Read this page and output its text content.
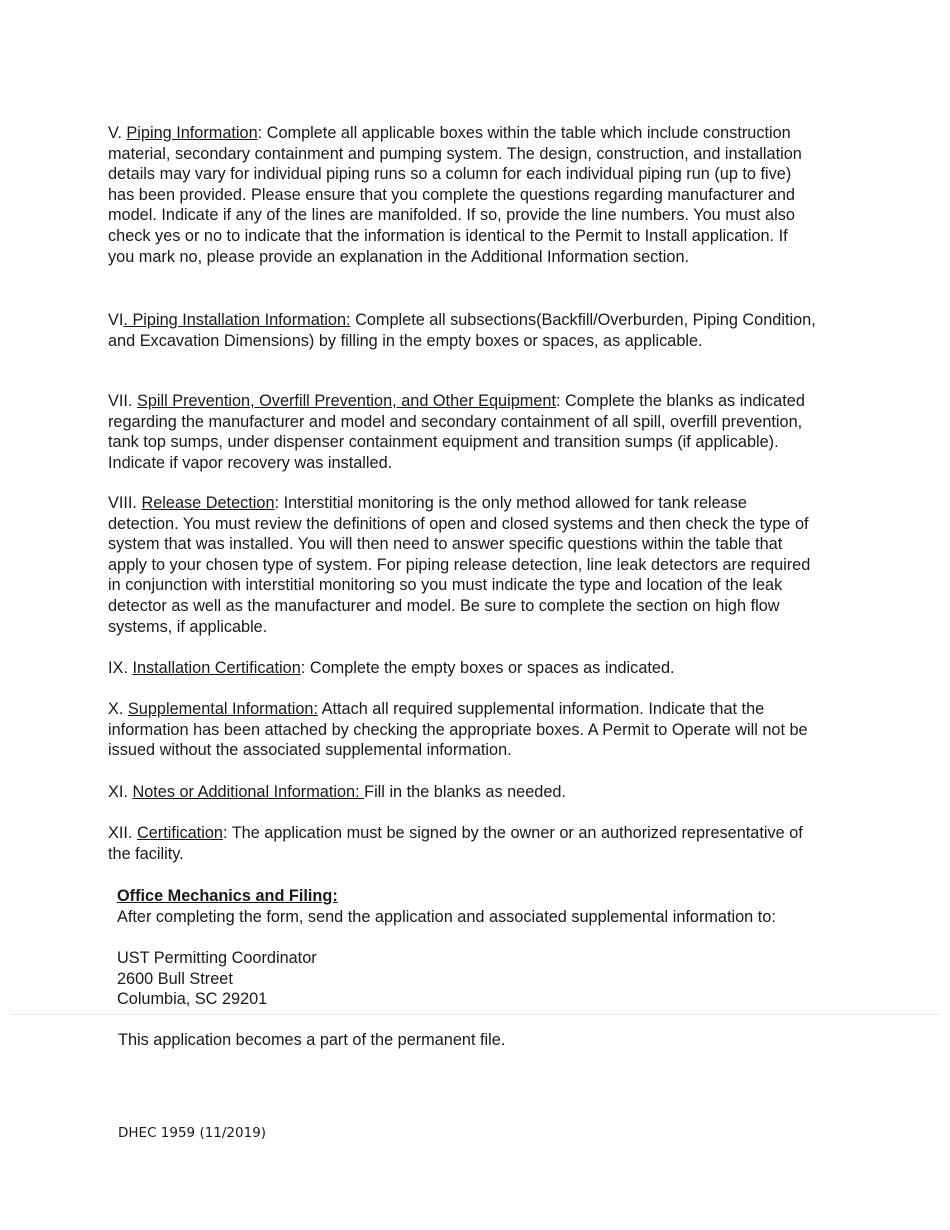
V. Piping Information: Complete all applicable boxes within the table which include construction material, secondary containment and pumping system. The design, construction, and installation details may vary for individual piping runs so a column for each individual piping run (up to five) has been provided. Please ensure that you complete the questions regarding manufacturer and model. Indicate if any of the lines are manifolded. If so, provide the line numbers. You must also check yes or no to indicate that the information is identical to the Permit to Install application. If you mark no, please provide an explanation in the Additional Information section.

VI. Piping Installation Information: Complete all subsections(Backfill/Overburden, Piping Condition, and Excavation Dimensions) by filling in the empty boxes or spaces, as applicable.

VII. Spill Prevention, Overfill Prevention, and Other Equipment: Complete the blanks as indicated regarding the manufacturer and model and secondary containment of all spill, overfill prevention, tank top sumps, under dispenser containment equipment and transition sumps (if applicable). Indicate if vapor recovery was installed.

VIII. Release Detection: Interstitial monitoring is the only method allowed for tank release detection. You must review the definitions of open and closed systems and then check the type of system that was installed. You will then need to answer specific questions within the table that apply to your chosen type of system. For piping release detection, line leak detectors are required in conjunction with interstitial monitoring so you must indicate the type and location of the leak detector as well as the manufacturer and model. Be sure to complete the section on high flow systems, if applicable.

IX. Installation Certification: Complete the empty boxes or spaces as indicated.

X. Supplemental Information: Attach all required supplemental information. Indicate that the information has been attached by checking the appropriate boxes. A Permit to Operate will not be issued without the associated supplemental information.

XI. Notes or Additional Information: Fill in the blanks as needed.

XII. Certification: The application must be signed by the owner or an authorized representative of the facility.

Office Mechanics and Filing:
After completing the form, send the application and associated supplemental information to:
UST Permitting Coordinator
2600 Bull Street
Columbia, SC 29201
This application becomes a part of the permanent file.
DHEC 1959 (11/2019)
